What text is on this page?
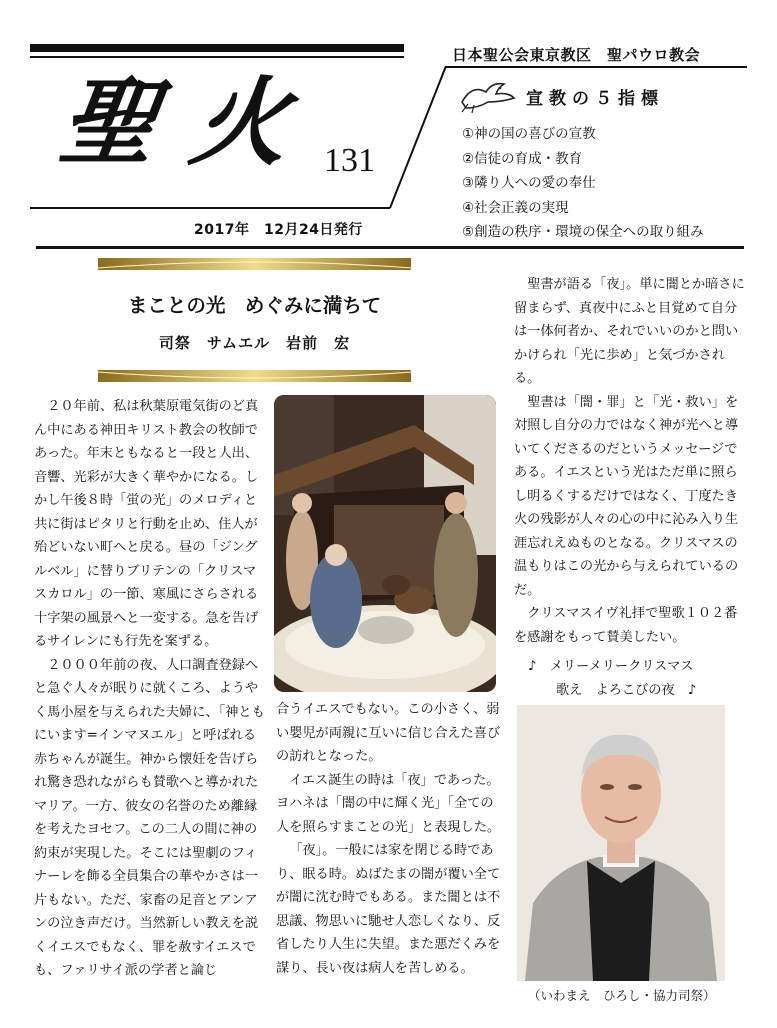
日本聖公会東京教区　聖パウロ教会
聖火
131
2017年　12月24日発行
宣教の５指標
①神の国の喜びの宣教
②信徒の育成・教育
③隣り人への愛の奉仕
④社会正義の実現
⑤創造の秩序・環境の保全への取り組み
まことの光　めぐみに満ちて
司祭　サムエル　岩前　宏

２０年前、私は秋葉原電気街のど真ん中にある神田キリスト教会の牧師であった。年末ともなると一段と人出、音響、光彩が大きく華やかになる。しかし午後８時「蛍の光」のメロディと共に街はピタリと行動を止め、住人が殆どいない町へと戻る。昼の「ジングルベル」に替りブリテンの「クリスマスカロル」の一節、寒風にさらされる十字架の風景へと一変する。急を告げるサイレンにも行先を案ずる。

２０００年前の夜、人口調査登録へと急ぐ人々が眠りに就くころ、ようやく馬小屋を与えられた夫婦に、「神ともにいます=インマヌエル」と呼ばれる赤ちゃんが誕生。神から懐妊を告げられ驚き恐れながらも賛歌へと導かれたマリア。一方、彼女の名誉のため離縁を考えたヨセフ。この二人の間に神の約束が実現した。そこには聖劇のフィナーレを飾る全員集合の華やかさは一片もない。ただ、家畜の足音とアンアンの泣き声だけ。当然新しい教えを説くイエスでもなく、罪を赦すイエスでも、ファリサイ派の学者と論じ

合うイエスでもない。この小さく、弱い嬰児が両親に互いに信じ合えた喜びの訪れとなった。

イエス誕生の時は「夜」であった。ヨハネは「闇の中に輝く光」「全ての人を照らすまことの光」と表現した。

「夜」。一般には家を閉じる時であり、眠る時。ぬばたまの闇が覆い全てが闇に沈む時でもある。また闇とは不思議、物思いに馳せ人恋しくなり、反省したり人生に失望。また悪だくみを謀り、長い夜は病人を苦しめる。

聖書が語る「夜」。単に闇とか暗さに留まらず、真夜中にふと目覚めて自分は一体何者か、それでいいのかと問いかけられ「光に歩め」と気づかされる。

聖書は「闇・罪」と「光・救い」を対照し自分の力ではなく神が光へと導いてくださるのだというメッセージである。イエスという光はただ単に照らし明るくするだけではなく、丁度たき火の残影が人々の心の中に沁み入り生涯忘れえぬものとなる。クリスマスの温もりはこの光から与えられているのだ。

クリスマスイヴ礼拝で聖歌１０２番を感謝をもって賛美したい。

♪　メリーメリークリスマス
歌え　よろこびの夜　♪
（いわまえ　ひろし・協力司祭）
